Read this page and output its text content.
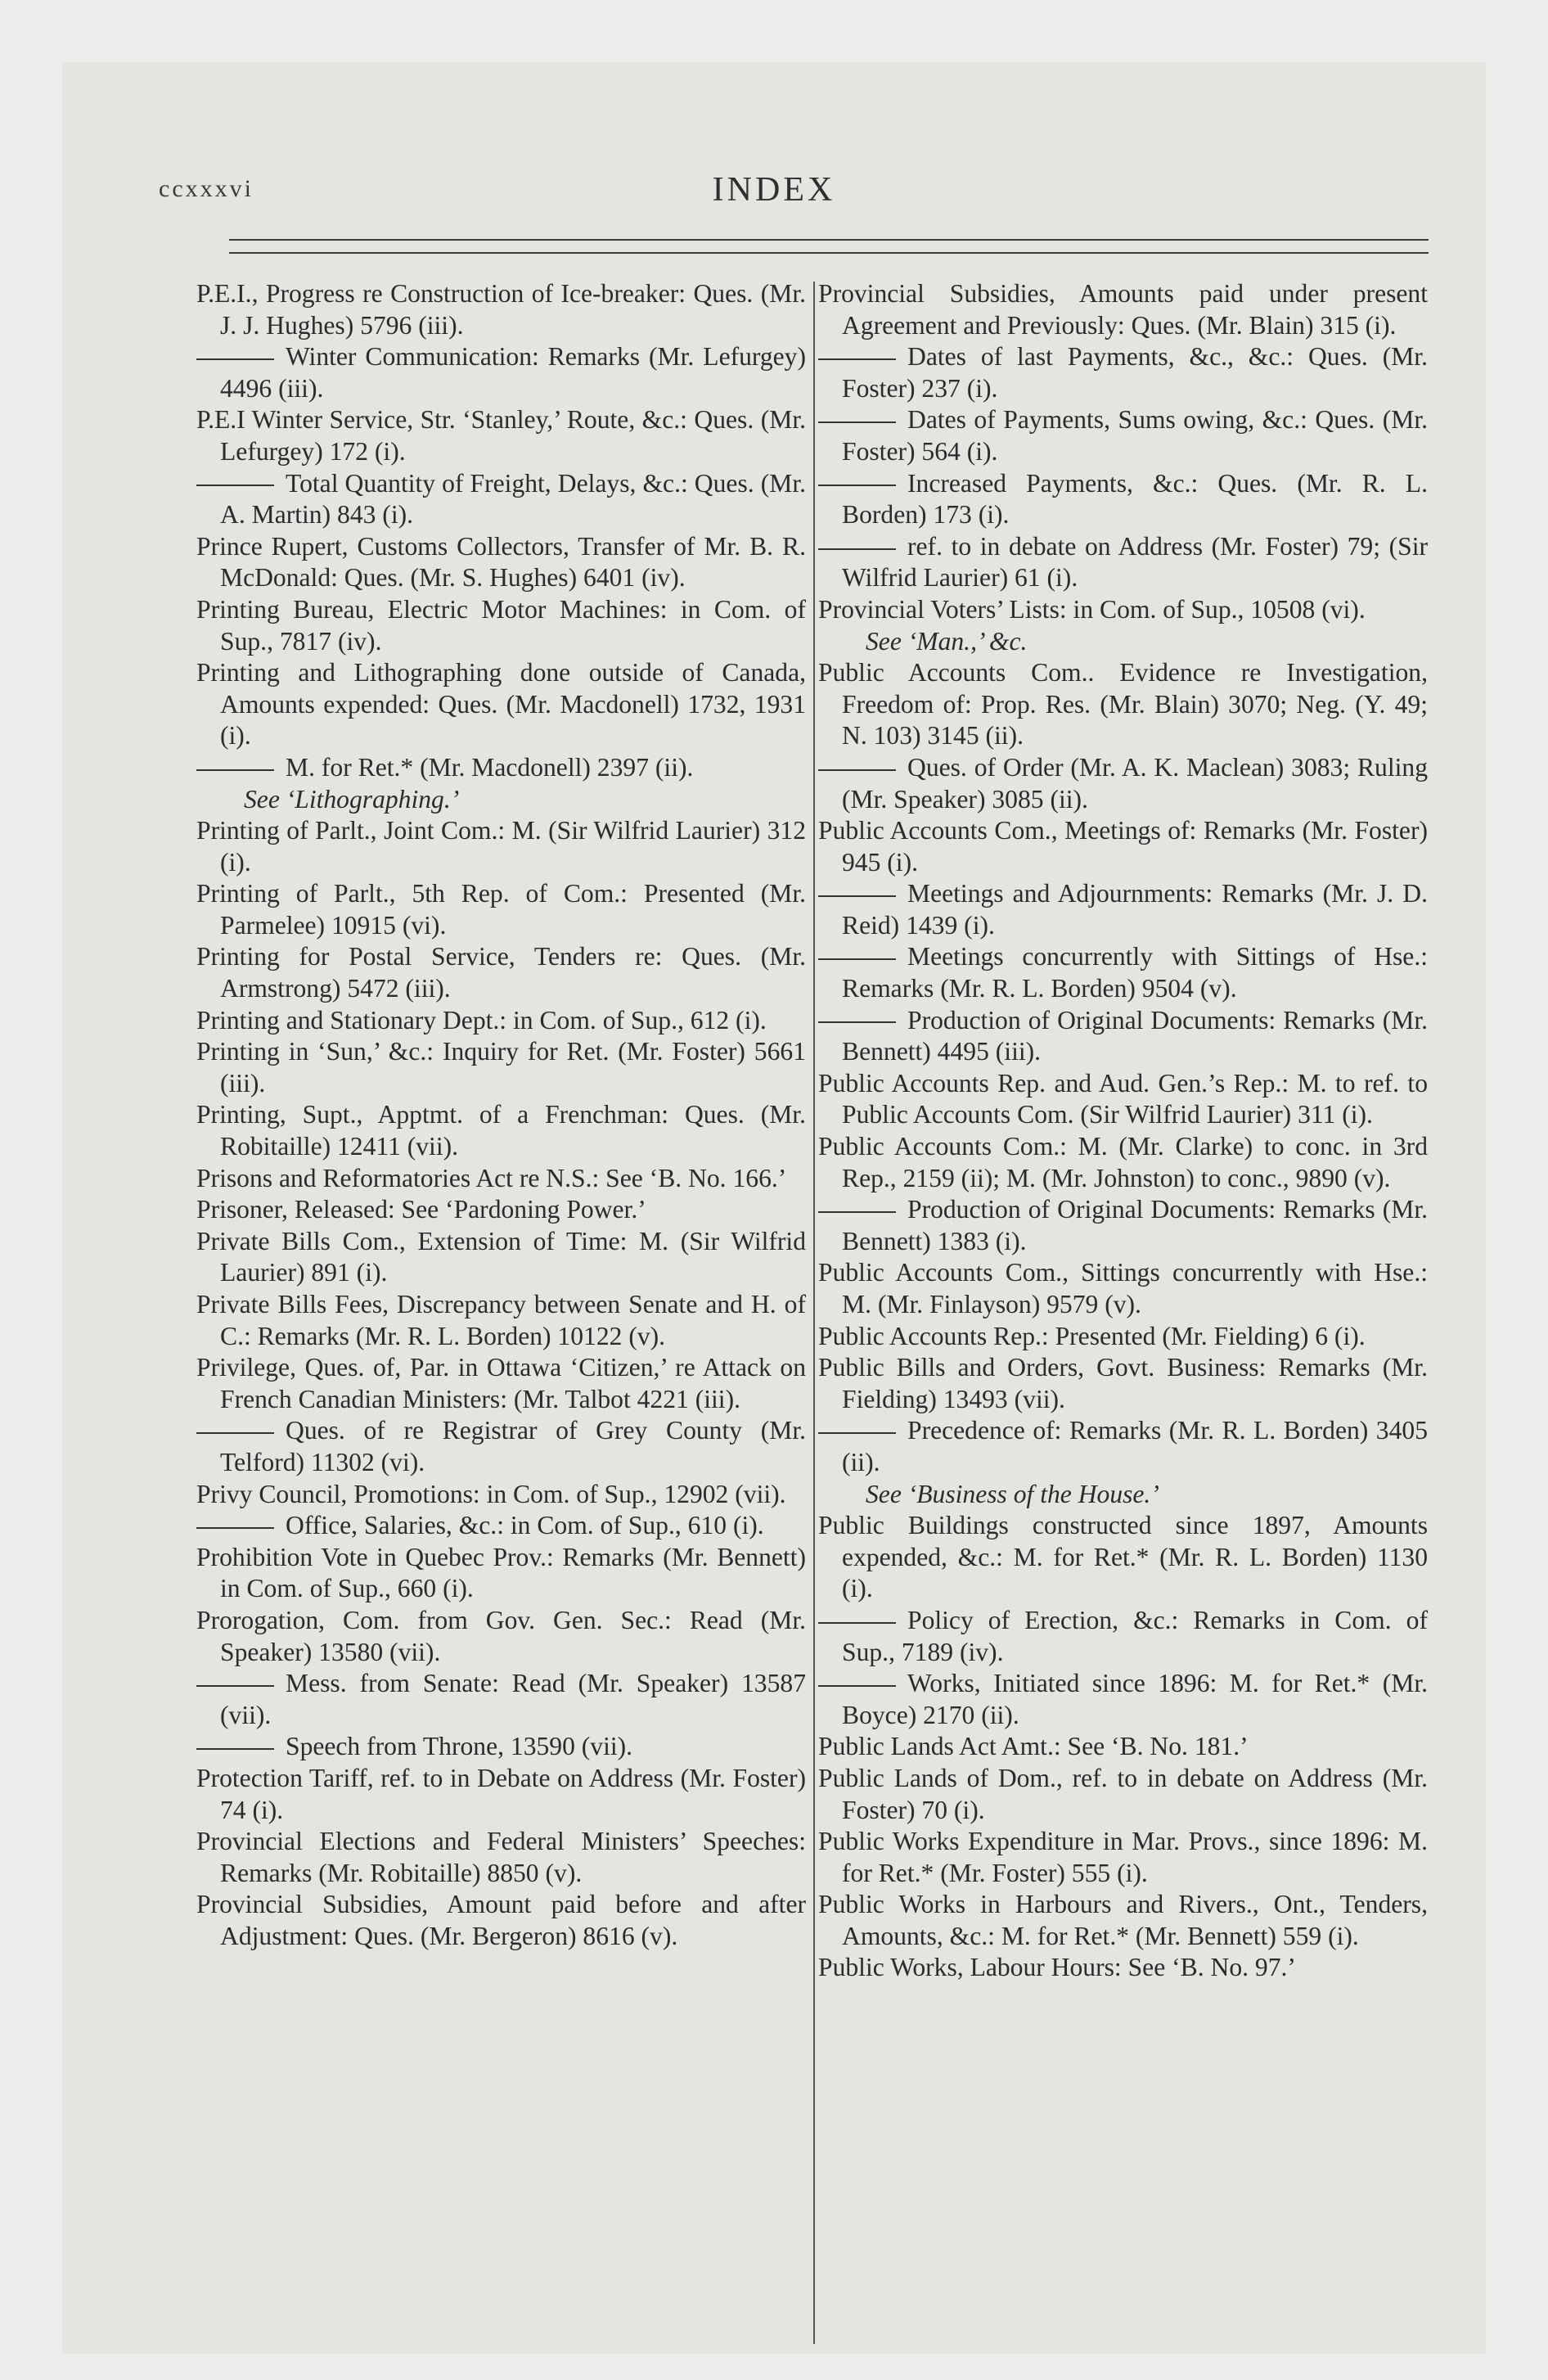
ccxxxvi	INDEX

P.E.I., Progress re Construction of Ice-breaker: Ques. (Mr. J. J. Hughes) 5796 (iii).

Winter Communication: Remarks (Mr. Lefurgey) 4496 (iii).

P.E.I Winter Service, Str. ‘Stanley,’ Route, &c.: Ques. (Mr. Lefurgey) 172 (i).

Total Quantity of Freight, Delays, &c.: Ques. (Mr. A. Martin) 843 (i).

Prince Rupert, Customs Collectors, Transfer of Mr. B. R. McDonald: Ques. (Mr. S. Hughes) 6401 (iv).

Printing Bureau, Electric Motor Machines: in Com. of Sup., 7817 (iv).

Printing and Lithographing done outside of Canada, Amounts expended: Ques. (Mr. Macdonell) 1732, 1931 (i).

M. for Ret.* (Mr. Macdonell) 2397 (ii).

See ‘Lithographing.’

Printing of Parlt., Joint Com.: M. (Sir Wilfrid Laurier) 312 (i).

Printing of Parlt., 5th Rep. of Com.: Presented (Mr. Parmelee) 10915 (vi).

Printing for Postal Service, Tenders re: Ques. (Mr. Armstrong) 5472 (iii).

Printing and Stationary Dept.: in Com. of Sup., 612 (i).

Printing in ‘Sun,’ &c.: Inquiry for Ret. (Mr. Foster) 5661 (iii).

Printing, Supt., Apptmt. of a Frenchman: Ques. (Mr. Robitaille) 12411 (vii).

Prisons and Reformatories Act re N.S.: See ‘B. No. 166.’

Prisoner, Released: See ‘Pardoning Power.’

Private Bills Com., Extension of Time: M. (Sir Wilfrid Laurier) 891 (i).

Private Bills Fees, Discrepancy between Senate and H. of C.: Remarks (Mr. R. L. Borden) 10122 (v).

Privilege, Ques. of, Par. in Ottawa ‘Citizen,’ re Attack on French Canadian Ministers: (Mr. Talbot 4221 (iii).

Ques. of re Registrar of Grey County (Mr. Telford) 11302 (vi).

Privy Council, Promotions: in Com. of Sup., 12902 (vii).

Office, Salaries, &c.: in Com. of Sup., 610 (i).

Prohibition Vote in Quebec Prov.: Remarks (Mr. Bennett) in Com. of Sup., 660 (i).

Prorogation, Com. from Gov. Gen. Sec.: Read (Mr. Speaker) 13580 (vii).

Mess. from Senate: Read (Mr. Speaker) 13587 (vii).

Speech from Throne, 13590 (vii).

Protection Tariff, ref. to in Debate on Address (Mr. Foster) 74 (i).

Provincial Elections and Federal Ministers’ Speeches: Remarks (Mr. Robitaille) 8850 (v).

Provincial Subsidies, Amount paid before and after Adjustment: Ques. (Mr. Bergeron) 8616 (v).

Provincial Subsidies, Amounts paid under present Agreement and Previously: Ques. (Mr. Blain) 315 (i).

Dates of last Payments, &c., &c.: Ques. (Mr. Foster) 237 (i).

Dates of Payments, Sums owing, &c.: Ques. (Mr. Foster) 564 (i).

Increased Payments, &c.: Ques. (Mr. R. L. Borden) 173 (i).

ref. to in debate on Address (Mr. Foster) 79; (Sir Wilfrid Laurier) 61 (i).

Provincial Voters’ Lists: in Com. of Sup., 10508 (vi).

See ‘Man.,’ &c.

Public Accounts Com.. Evidence re Investigation, Freedom of: Prop. Res. (Mr. Blain) 3070; Neg. (Y. 49; N. 103) 3145 (ii).

Ques. of Order (Mr. A. K. Maclean) 3083; Ruling (Mr. Speaker) 3085 (ii).

Public Accounts Com., Meetings of: Remarks (Mr. Foster) 945 (i).

Meetings and Adjournments: Remarks (Mr. J. D. Reid) 1439 (i).

Meetings concurrently with Sittings of Hse.: Remarks (Mr. R. L. Borden) 9504 (v).

Production of Original Documents: Remarks (Mr. Bennett) 4495 (iii).

Public Accounts Rep. and Aud. Gen.’s Rep.: M. to ref. to Public Accounts Com. (Sir Wilfrid Laurier) 311 (i).

Public Accounts Com.: M. (Mr. Clarke) to conc. in 3rd Rep., 2159 (ii); M. (Mr. Johnston) to conc., 9890 (v).

Production of Original Documents: Remarks (Mr. Bennett) 1383 (i).

Public Accounts Com., Sittings concurrently with Hse.: M. (Mr. Finlayson) 9579 (v).

Public Accounts Rep.: Presented (Mr. Fielding) 6 (i).

Public Bills and Orders, Govt. Business: Remarks (Mr. Fielding) 13493 (vii).

Precedence of: Remarks (Mr. R. L. Borden) 3405 (ii).

See ‘Business of the House.’

Public Buildings constructed since 1897, Amounts expended, &c.: M. for Ret.* (Mr. R. L. Borden) 1130 (i).

Policy of Erection, &c.: Remarks in Com. of Sup., 7189 (iv).

Works, Initiated since 1896: M. for Ret.* (Mr. Boyce) 2170 (ii).

Public Lands Act Amt.: See ‘B. No. 181.’

Public Lands of Dom., ref. to in debate on Address (Mr. Foster) 70 (i).

Public Works Expenditure in Mar. Provs., since 1896: M. for Ret.* (Mr. Foster) 555 (i).

Public Works in Harbours and Rivers., Ont., Tenders, Amounts, &c.: M. for Ret.* (Mr. Bennett) 559 (i).

Public Works, Labour Hours: See ‘B. No. 97.’
